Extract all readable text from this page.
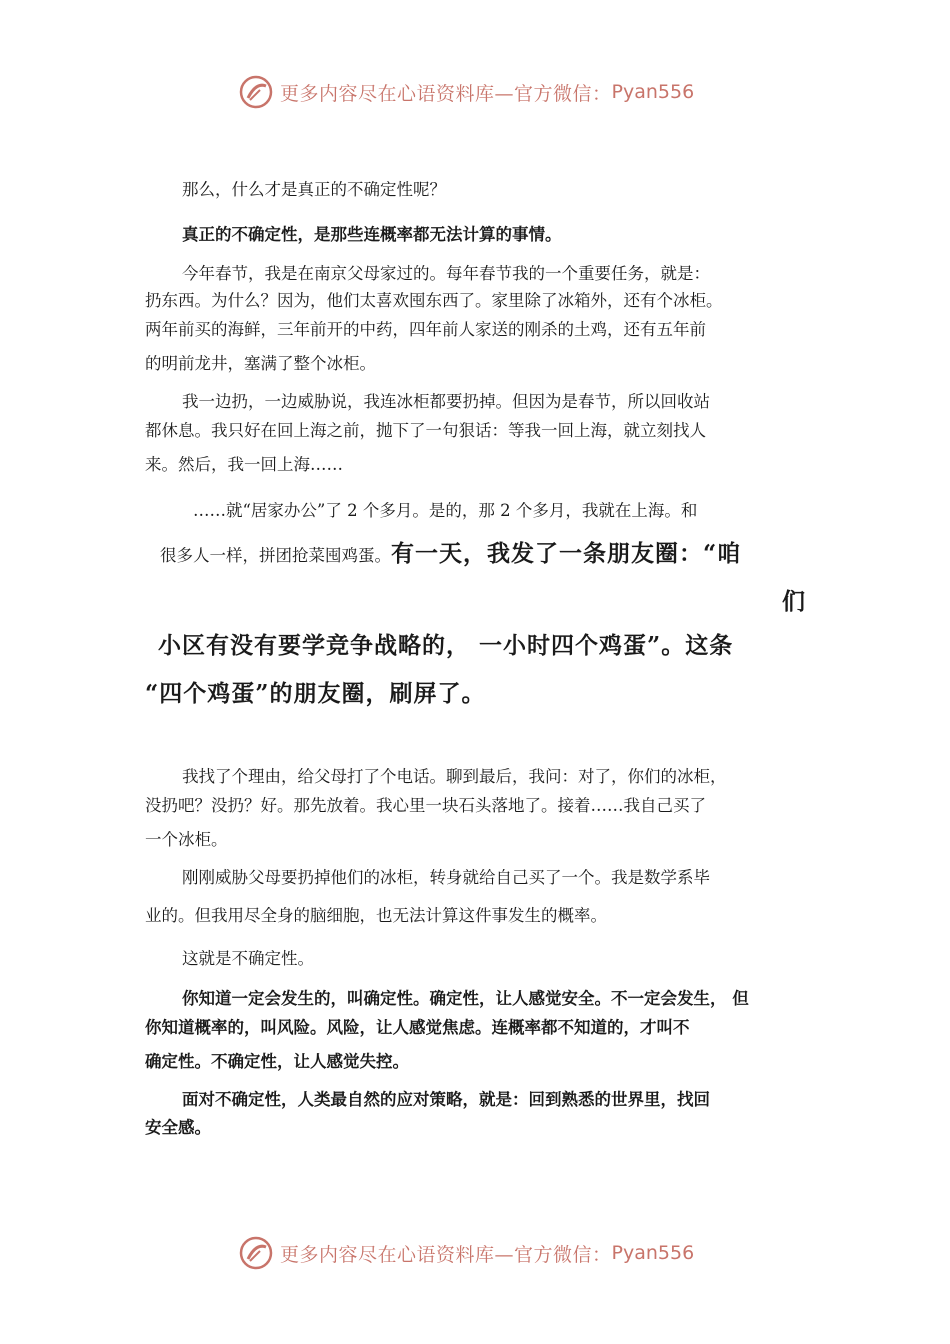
更多内容尽在心语资料库—官方微信： Pyan556
那么，什么才是真正的不确定性呢？
真正的不确定性，是那些连概率都无法计算的事情。
今年春节，我是在南京父母家过的。每年春节我的一个重要任务，就是：
扔东西。为什么？因为，他们太喜欢囤东西了。家里除了冰箱外，还有个冰柜。
两年前买的海鲜，三年前开的中药，四年前人家送的刚杀的土鸡，还有五年前
的明前龙井，塞满了整个冰柜。
我一边扔，一边威胁说，我连冰柜都要扔掉。但因为是春节，所以回收站
都休息。我只好在回上海之前，抛下了一句狠话：等我一回上海，就立刻找人
来。然后，我一回上海……
……就“居家办公”了 2 个多月。是的，那 2 个多月，我就在上海。和
很多人一样，拼团抢菜囤鸡蛋。有一天，我发了一条朋友圈：“咱
们
小区有没有要学竞争战略的， 一小时四个鸡蛋”。这条
“四个鸡蛋”的朋友圈，刷屏了。
我找了个理由，给父母打了个电话。聊到最后，我问：对了，你们的冰柜，
没扔吧？没扔？好。那先放着。我心里一块石头落地了。接着……我自己买了
一个冰柜。
刚刚威胁父母要扔掉他们的冰柜，转身就给自己买了一个。我是数学系毕
业的。但我用尽全身的脑细胞，也无法计算这件事发生的概率。
这就是不确定性。
你知道一定会发生的，叫确定性。确定性，让人感觉安全。不一定会发生， 但
你知道概率的，叫风险。风险，让人感觉焦虑。连概率都不知道的，才叫不
确定性。不确定性，让人感觉失控。
面对不确定性，人类最自然的应对策略，就是：回到熟悉的世界里，找回
安全感。
更多内容尽在心语资料库—官方微信： Pyan556
